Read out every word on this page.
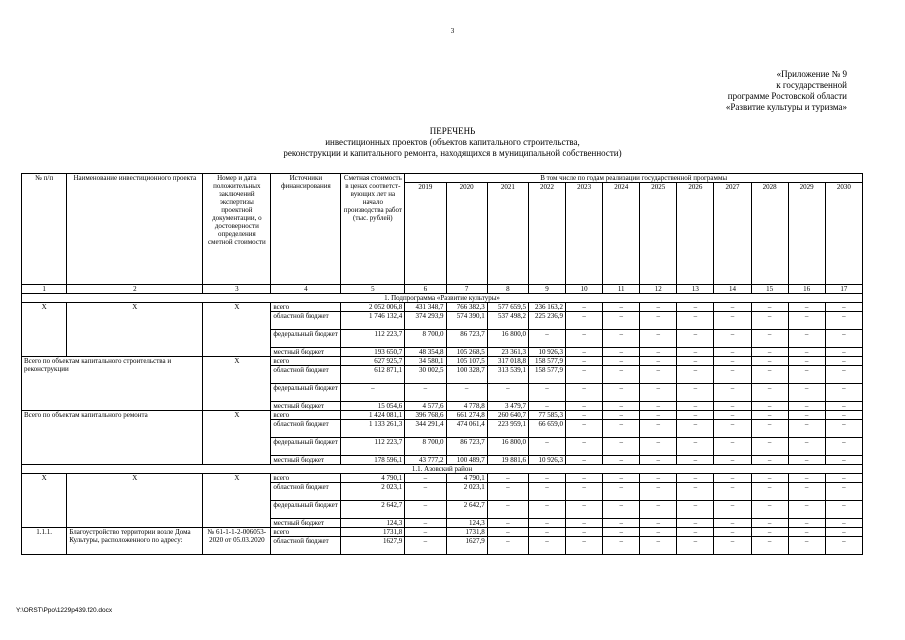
3
«Приложение № 9
к государственной
программе Ростовской области
«Развитие культуры и туризма»
ПЕРЕЧЕНЬ
инвестиционных проектов (объектов капитального строительства,
реконструкции и капитального ремонта, находящихся в муниципальной собственности)
№ п/п	Наименование инвестиционного проекта	Номер и дата положительных заключений экспертизы проектной документации, о достоверности определения сметной стоимости	Источники финансирования	Сметная стоимость в ценах соответст-вующих лет на начало производства работ (тыс. рублей)	В том числе по годам реализации государственной программы											
					2019	2020	2021	2022	2023	2024	2025	2026	2027	2028	2029	2030
1	2	3	4	5	6	7	8	9	10	11	12	13	14	15	16	17
1. Подпрограмма «Развитие культуры»																
X	X	X	всего	2 052 006,8	431 348,7	766 382,3	577 659,5	236 163,2	–	–	–	–	–	–	–	–
			областной бюджет	1 746 132,4	374 293,9	574 390,1	537 498,2	225 236,9	–	–	–	–	–	–	–	–
			федеральный бюджет	112 223,7	8 700,0	86 723,7	16 800,0	–	–	–	–	–	–	–	–	–
			местный бюджет	193 650,7	48 354,8	105 268,5	23 361,3	10 926,3	–	–	–	–	–	–	–	–
Всего по объектам капитального строительства и реконструкции		X	всего	627 925,7	34 580,1	105 107,5	317 018,8	158 577,9	–	–	–	–	–	–	–	–
			областной бюджет	612 871,1	30 002,5	100 328,7	313 539,1	158 577,9	–	–	–	–	–	–	–	–
			федеральный бюджет	–	–	–	–	–	–	–	–	–	–	–	–	–
			местный бюджет	15 054,6	4 577,6	4 778,8	3 479,7	–	–	–	–	–	–	–	–	–
Всего по объектам капитального ремонта		X	всего	1 424 081,1	396 768,6	661 274,8	260 640,7	77 585,3	–	–	–	–	–	–	–	–
			областной бюджет	1 133 261,3	344 291,4	474 061,4	223 959,1	66 659,0	–	–	–	–	–	–	–	–
			федеральный бюджет	112 223,7	8 700,0	86 723,7	16 800,0	–	–	–	–	–	–	–	–	–
			местный бюджет	178 596,1	43 777,2	100 489,7	19 881,6	10 926,3	–	–	–	–	–	–	–	–
1.1. Азовский район																
X	X	X	всего	4 790,1	–	4 790,1	–	–	–	–	–	–	–	–	–	–
			областной бюджет	2 023,1	–	2 023,1	–	–	–	–	–	–	–	–	–	–
			федеральный бюджет	2 642,7	–	2 642,7	–	–	–	–	–	–	–	–	–	–
			местный бюджет	124,3	–	124,3	–	–	–	–	–	–	–	–	–	–
1.1.1.	Благоустройство территории возле Дома Культуры, расположенного по адресу:	№ 61-1-1-2-006053-2020 от 05.03.2020	всего	1731,8	–	1731,8	–	–	–	–	–	–	–	–	–	–
			областной бюджет	1627,9	–	1627,9	–	–	–	–	–	–	–	–	–	–
Y:\ORST\Ppo\1229p439.f20.docx
